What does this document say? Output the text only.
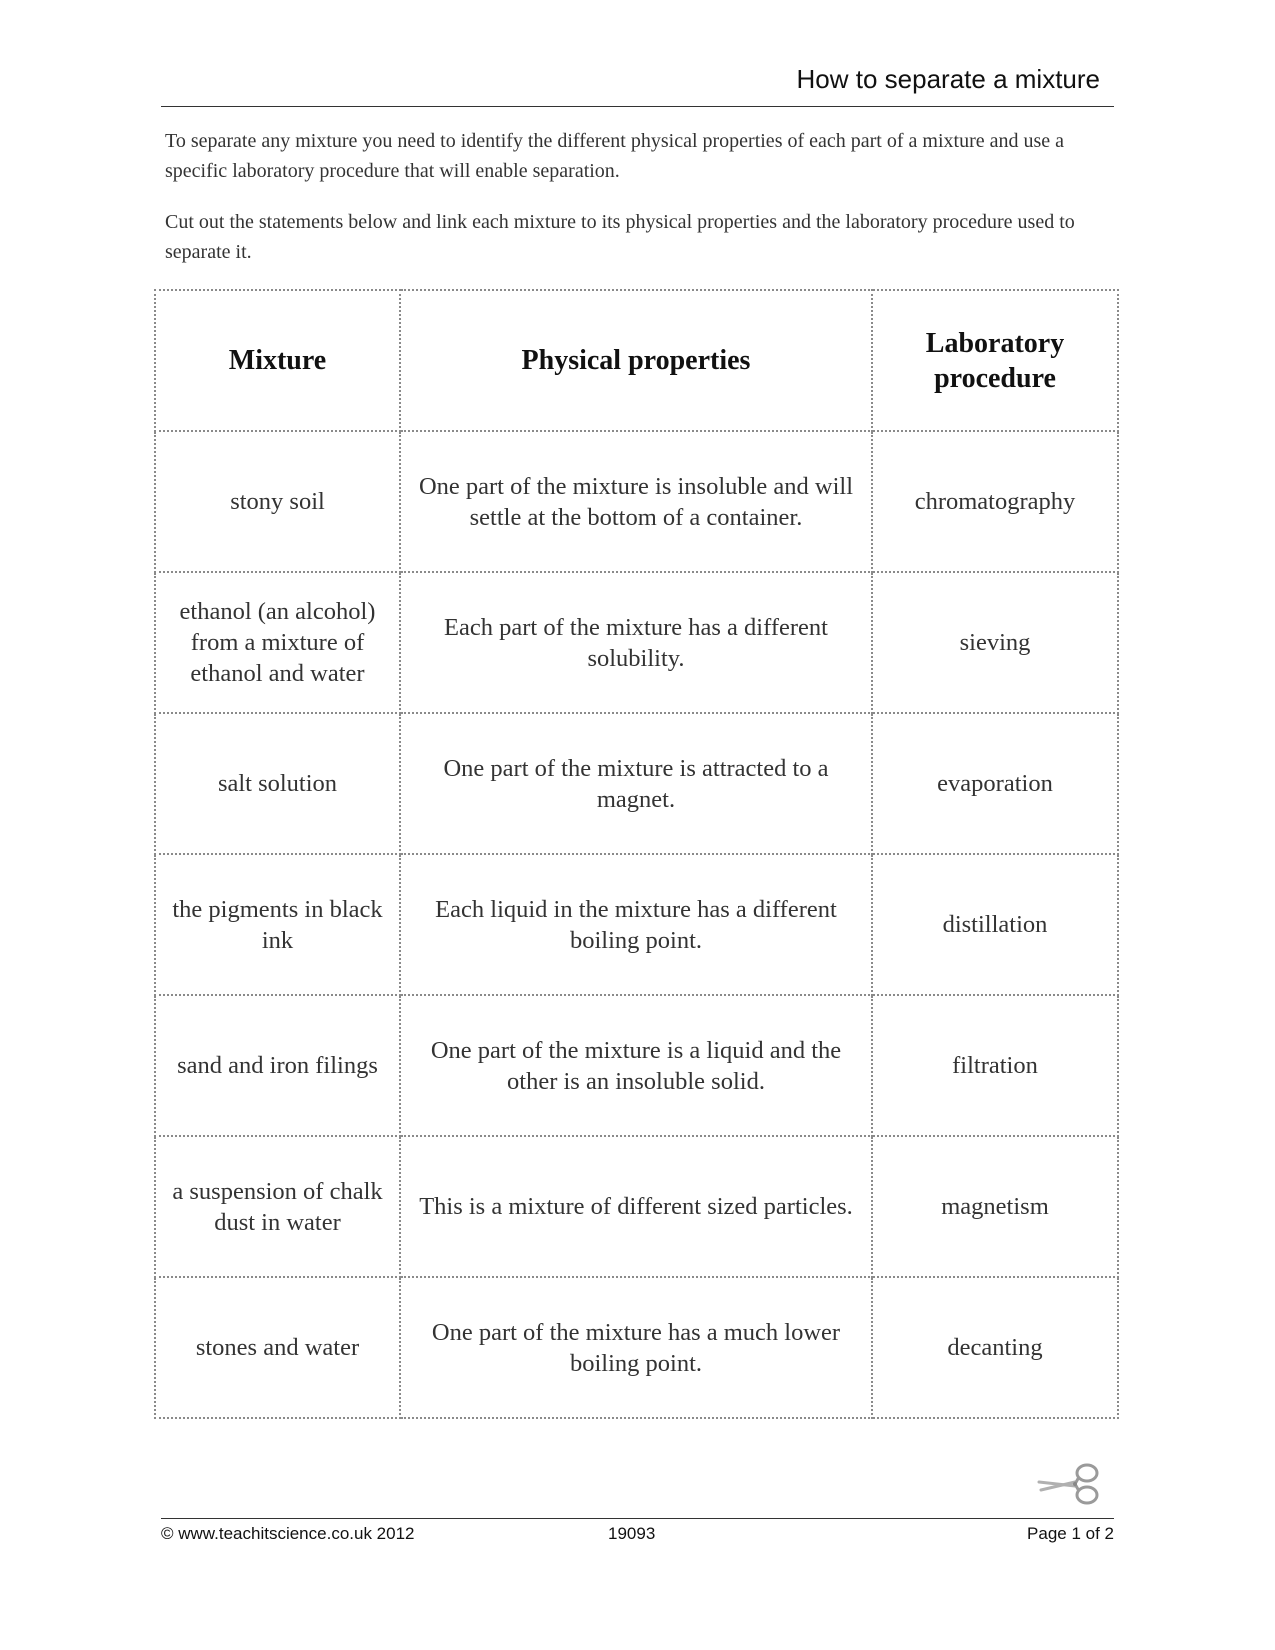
How to separate a mixture
To separate any mixture you need to identify the different physical properties of each part of a mixture and use a specific laboratory procedure that will enable separation.
Cut out the statements below and link each mixture to its physical properties and the laboratory procedure used to separate it.
Mixture	Physical properties	Laboratory procedure
stony soil	One part of the mixture is insoluble and will settle at the bottom of a container.	chromatography
ethanol (an alcohol) from a mixture of ethanol and water	Each part of the mixture has a different solubility.	sieving
salt solution	One part of the mixture is attracted to a magnet.	evaporation
the pigments in black ink	Each liquid in the mixture has a different boiling point.	distillation
sand and iron filings	One part of the mixture is a liquid and the other is an insoluble solid.	filtration
a suspension of chalk dust in water	This is a mixture of different sized particles.	magnetism
stones and water	One part of the mixture has a much lower boiling point.	decanting
© www.teachitscience.co.uk 2012	19093	Page 1 of 2
